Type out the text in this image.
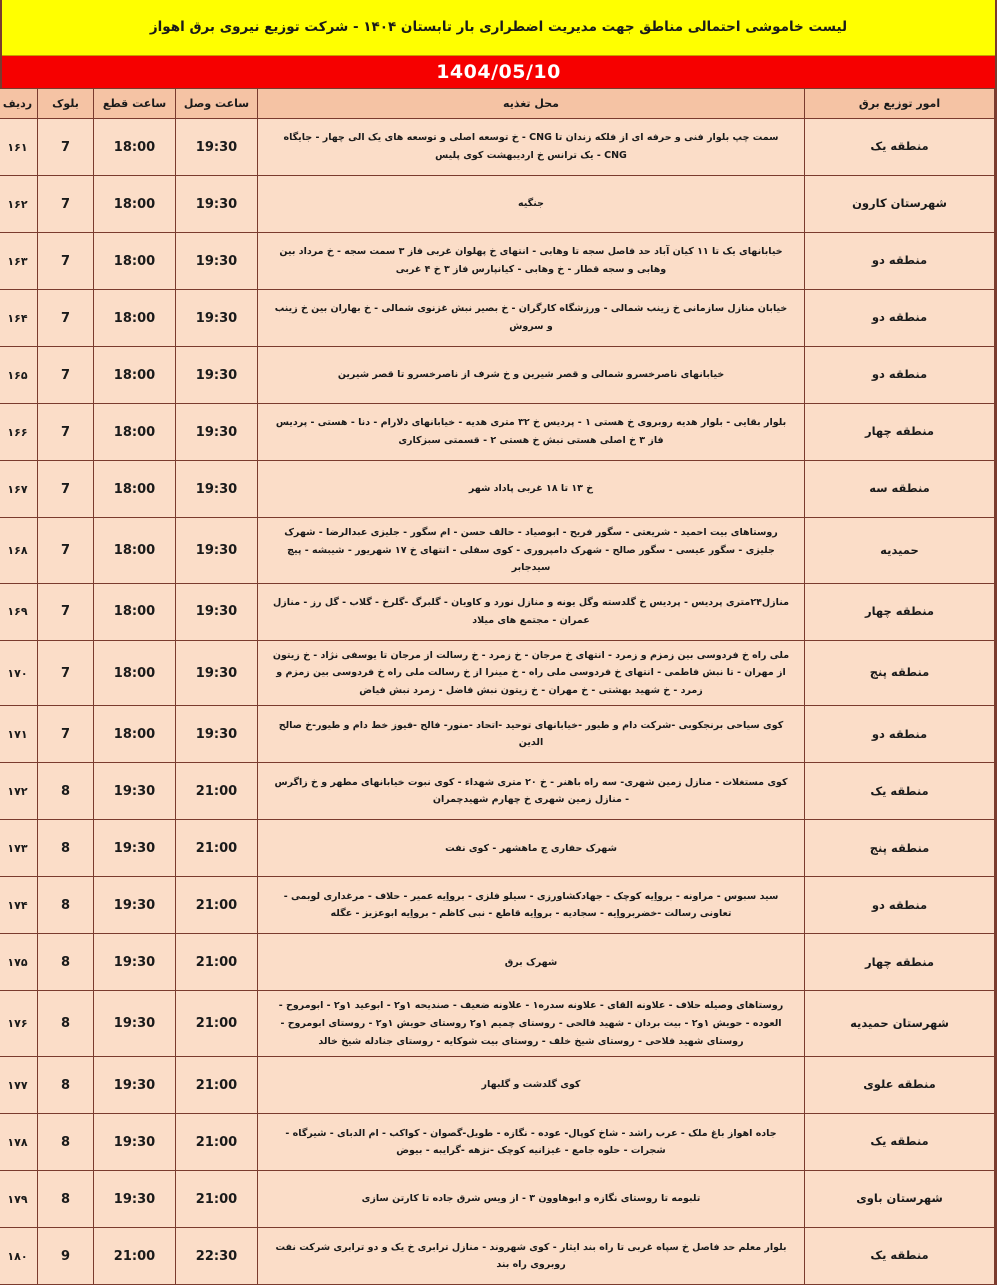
لیست خاموشی احتمالی مناطق جهت مدیریت اضطراری بار تابستان ۱۴۰۴ - شرکت توزیع نیروی برق اهواز
1404/05/10
امور توزیع برق	محل تغذیه	ساعت وصل	ساعت قطع	بلوک	ردیف
منطقه یک	سمت چپ بلوار فنی و حرفه ای از فلکه زندان تا CNG - خ توسعه اصلی و توسعه های یک الی چهار - جایگاه CNG - یک ترانس خ اردیبهشت کوی پلیس	19:30	18:00	7	۱۶۱
شهرستان کارون	جنگیه	19:30	18:00	7	۱۶۲
منطقه دو	خیابانهای یک تا ۱۱ کیان آباد حد فاصل سجه تا وهابی - انتهای خ پهلوان غربی فاز ۳ سمت سجه - خ مرداد بین وهابی و سجه قطار - خ وهابی - کیانپارس فاز ۳ خ ۴ غربی	19:30	18:00	7	۱۶۳
منطقه دو	خیابان منازل سازمانی خ زینب شمالی - ورزشگاه کارگران - خ بصیر نبش غزنوی شمالی - خ بهاران بین خ زینب و سروش	19:30	18:00	7	۱۶۴
منطقه دو	خیابانهای ناصرخسرو شمالی و قصر شیرین و خ شرف از ناصرخسرو تا قصر شیرین	19:30	18:00	7	۱۶۵
منطقه چهار	بلوار بقایی - بلوار هدیه روبروی خ هستی ۱ - پردیس خ ۳۲ متری هدیه - خیابانهای دلارام - دنا - هستی - پردیس فاز ۳ خ اصلی هستی نبش خ هستی ۲ - قسمتی سبزکاری	19:30	18:00	7	۱۶۶
منطقه سه	خ ۱۳ تا ۱۸ غربی پاداد شهر	19:30	18:00	7	۱۶۷
حمیدیه	روستاهای بیت احمید - شریعتی - سگور فریح - ابوصیاد - حالف حسن - ام سگور - جلیزی عبدالرضا - شهرک جلیزی - سگور عیسی - سگور صالح - شهرک دامپروری - کوی سفلی - انتهای خ ۱۷ شهریور - شیبشه - پیچ سیدجابر	19:30	18:00	7	۱۶۸
منطقه چهار	منازل۲۴متری پردیس - پردیس خ گلدسته وگل یونه و منازل نورد و کاویان - گلبرگ -گلرخ - گلاب - گل رز - منازل عمران - مجتمع های میلاد	19:30	18:00	7	۱۶۹
منطقه پنج	ملی راه خ فردوسی بین زمزم و زمرد - انتهای خ مرجان - خ زمرد - خ رسالت از مرجان تا یوسفی نژاد - خ زیتون از مهران - تا نبش فاطمی - انتهای خ فردوسی ملی راه - خ مینرا از خ رسالت ملی راه خ فردوسی بین زمزم و زمرد - خ شهید بهشتی - خ مهران - خ زیتون نبش فاضل - زمرد نبش فیاض	19:30	18:00	7	۱۷۰
منطقه دو	کوی سیاحی برنجکوبی -شرکت دام و طیور -خیابانهای توحید -اتحاد -منور- فالح -فیوز خط دام و طیور-خ صالح الدین	19:30	18:00	7	۱۷۱
منطقه یک	کوی مستغلات - منازل زمین شهری- سه راه باهنر - خ ۲۰ متری شهداء - کوی نبوت خیابانهای مطهر و خ زاگرس - منازل زمین شهری خ چهارم شهیدچمران	21:00	19:30	8	۱۷۲
منطقه پنج	شهرک حفاری ج ماهشهر - کوی نفت	21:00	19:30	8	۱۷۳
منطقه دو	سید سبوس - مراونه - برواِیه کوچک - جهادکشاورزی - سیلو فلزی - برواِیه عمیر - حلاف - مرغداری لوبمی - تعاونی رسالت -خضربرواِیه - سجادیه - برواِیه قاطع - نبی کاظم - برواِیه ابوعزیز - عگله	21:00	19:30	8	۱۷۴
منطقه چهار	شهرک برق	21:00	19:30	8	۱۷۵
شهرستان حمیدیه	روستاهای وصیله حلاف - علاونه القای - علاونه سدره۱ - علاونه ضعیف - صندیحه ۱و۲ - ابوعید ۱و۲ - ابومروح - العوده - حویش ۱و۲ - بیت بردان - شهید فالحی - روستای چمیم ۱و۲ روستای حویش ۱و۲ - روستای ابومروح - روستای شهید فلاحی - روستای شیخ خلف - روستای بیت شوکایه - روستای جنادله شیخ خالد	21:00	19:30	8	۱۷۶
منطقه علوی	کوی گلدشت و گلبهار	21:00	19:30	8	۱۷۷
منطقه یک	جاده اهواز باغ ملک - عرب راشد - شاخ کوپال- عوده - نگازه - طویل-گصوان - کواکب - ام الدبای - شیرگاه - شجرات - حلوه جامع - غیزانیه کوچک -نزهه -گرایبه - بیوض	21:00	19:30	8	۱۷۸
شهرستان باوی	تلبومه تا روستای نگازه و ابوهاوون ۳ - از ویس شرق جاده تا کارتن سازی	21:00	19:30	8	۱۷۹
منطقه یک	بلوار معلم حد فاصل خ سپاه غربی تا راه بند ایثار - کوی شهروند - منازل ترابری خ یک و دو ترابری شرکت نفت روبروی راه بند	22:30	21:00	9	۱۸۰
